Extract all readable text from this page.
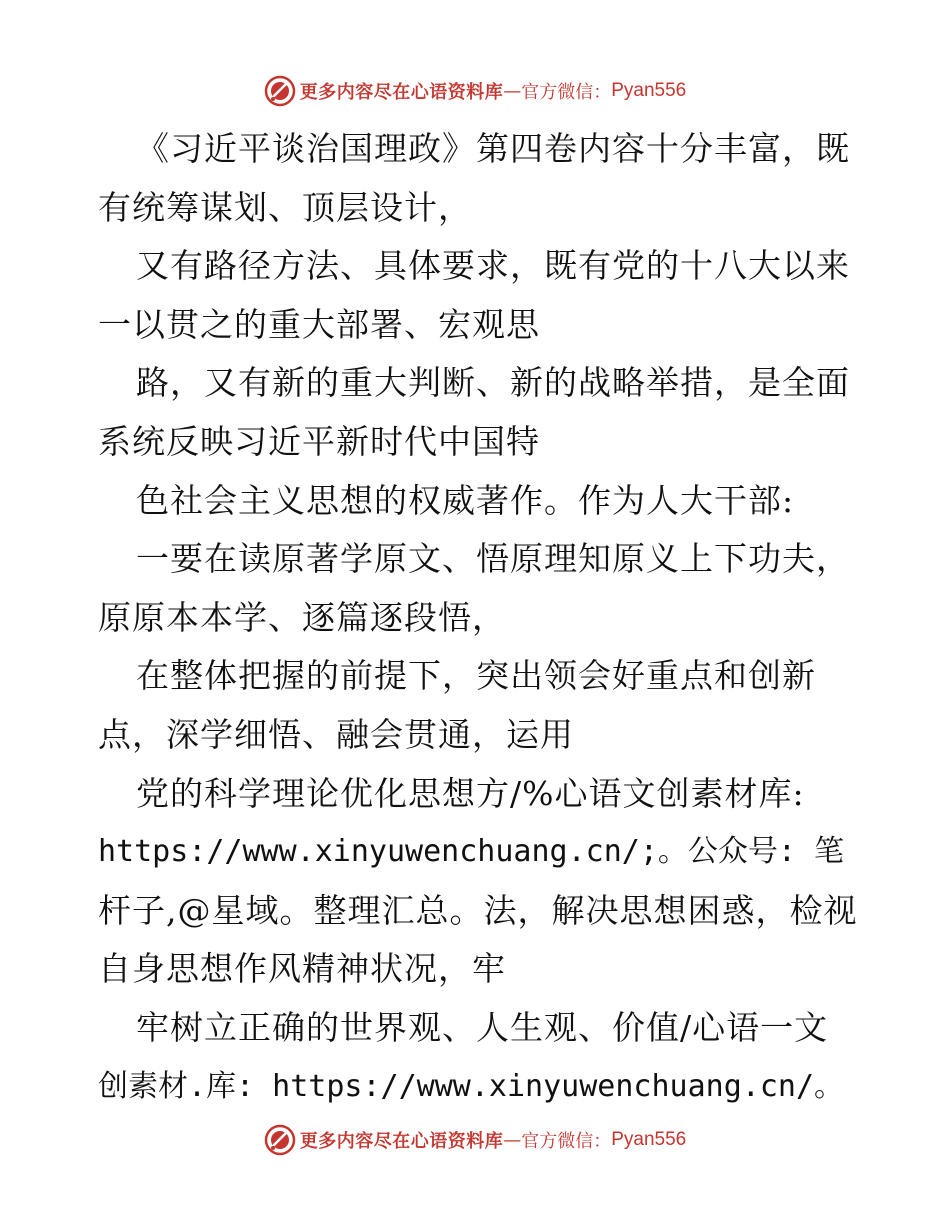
更多内容尽在心语资料库 — 官方微信： Pyan556
《习近平谈治国理政》第四卷内容十分丰富，既
有统筹谋划、顶层设计，
又有路径方法、具体要求，既有党的十八大以来
一以贯之的重大部署、宏观思
路，又有新的重大判断、新的战略举措，是全面
系统反映习近平新时代中国特
色社会主义思想的权威著作。作为人大干部:
一要在读原著学原文、悟原理知原义上下功夫，
原原本本学、逐篇逐段悟，
在整体把握的前提下，突出领会好重点和创新
点，深学细悟、融会贯通，运用
党的科学理论优化思想方/%心语文创素材库:
https://www.xinyuwenchuang.cn/;。公众号: 笔
杆子,@星域。整理汇总。法，解决思想困惑，检视
自身思想作风精神状况，牢
牢树立正确的世界观、人生观、价值/心语一文
创素材.库: https://www.xinyuwenchuang.cn/。
更多内容尽在心语资料库 — 官方微信： Pyan556
